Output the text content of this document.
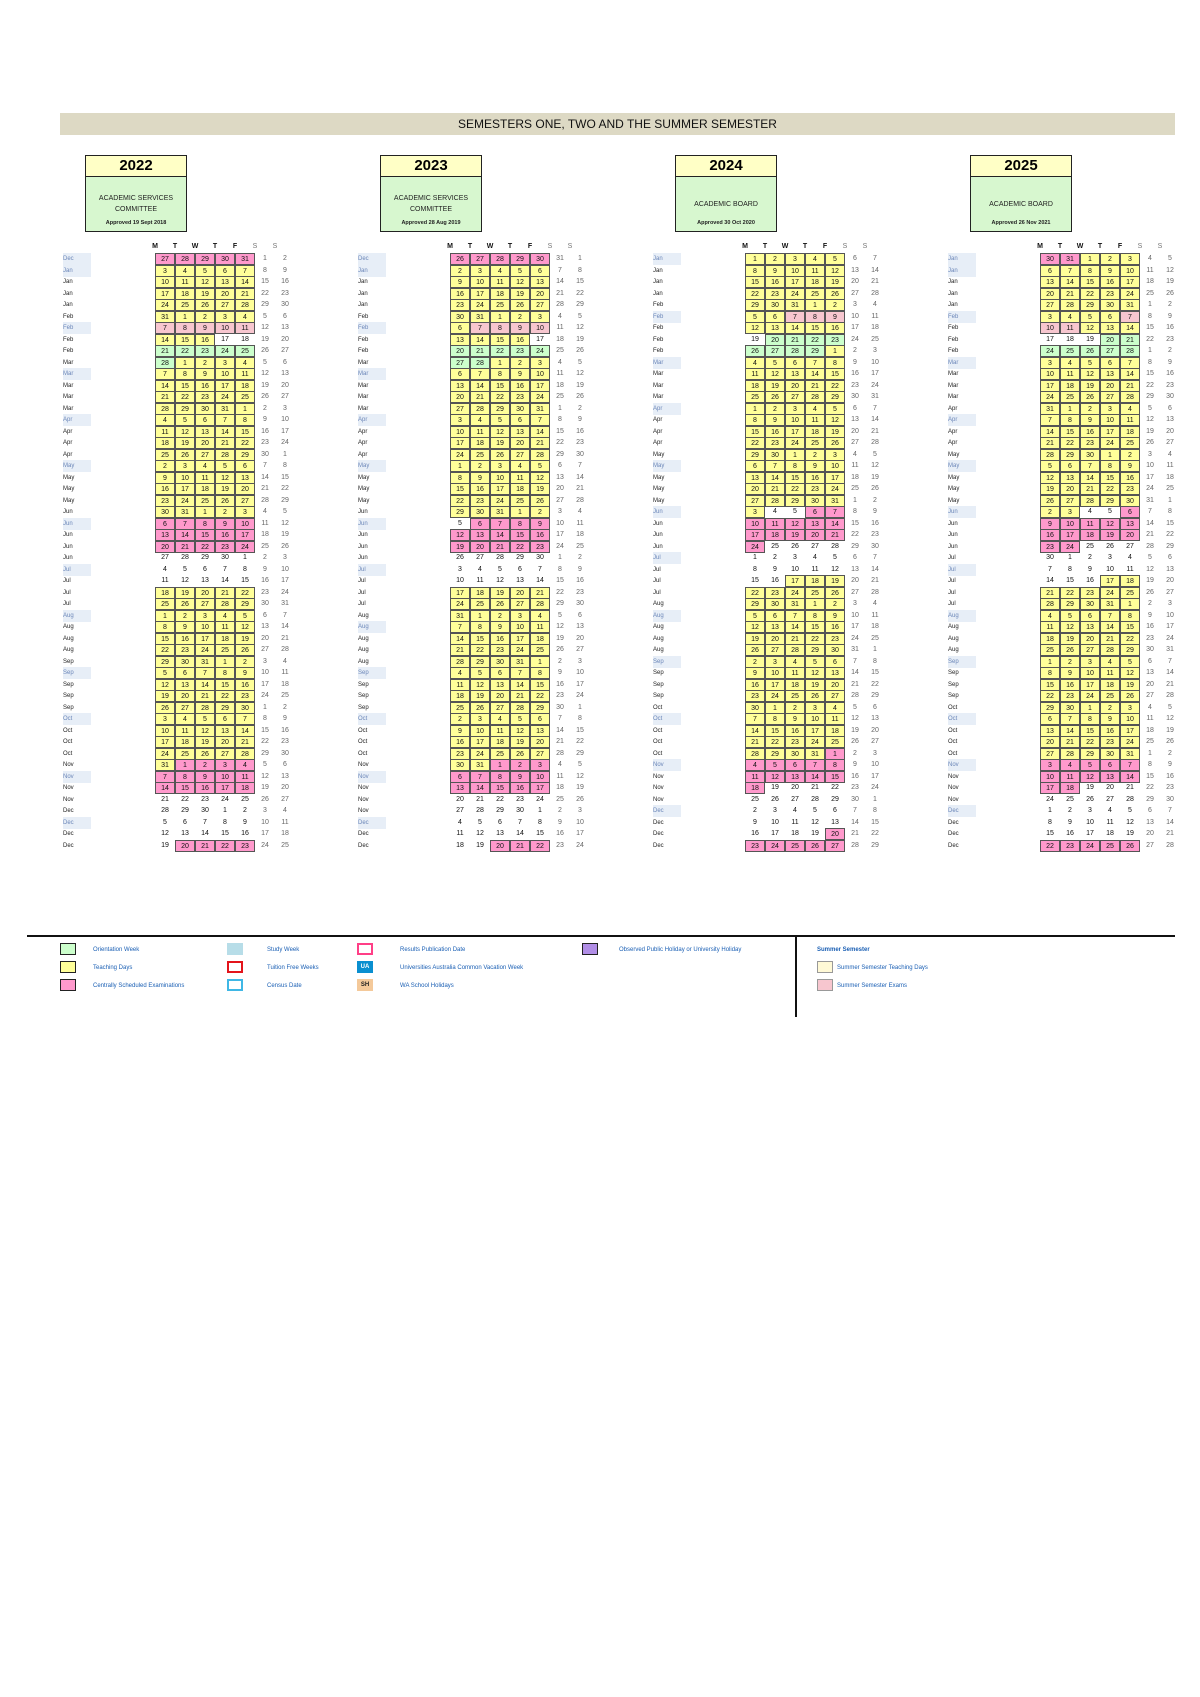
SEMESTERS ONE, TWO AND THE SUMMER SEMESTER
2022
ACADEMIC SERVICES
COMMITTEE
Approved 19 Sept 2018
M	T	W	T	F	S	S
Dec	27	28	29	30	31	1	2
Jan	3	4	5	6	7	8	9
Jan	10	11	12	13	14	15	16
Jan	17	18	19	20	21	22	23
Jan	24	25	26	27	28	29	30
Feb	31	1	2	3	4	5	6
Feb	7	8	9	10	11	12	13
Feb	14	15	16	17	18	19	20
Feb	21	22	23	24	25	26	27
Mar	28	1	2	3	4	5	6
Mar	7	8	9	10	11	12	13
Mar	14	15	16	17	18	19	20
Mar	21	22	23	24	25	26	27
Mar	28	29	30	31	1	2	3
Apr	4	5	6	7	8	9	10
Apr	11	12	13	14	15	16	17
Apr	18	19	20	21	22	23	24
Apr	25	26	27	28	29	30	1
May	2	3	4	5	6	7	8
May	9	10	11	12	13	14	15
May	16	17	18	19	20	21	22
May	23	24	25	26	27	28	29
Jun	30	31	1	2	3	4	5
Jun	6	7	8	9	10	11	12
Jun	13	14	15	16	17	18	19
Jun	20	21	22	23	24	25	26
Jun	27	28	29	30	1	2	3
Jul	4	5	6	7	8	9	10
Jul	11	12	13	14	15	16	17
Jul	18	19	20	21	22	23	24
Jul	25	26	27	28	29	30	31
Aug	1	2	3	4	5	6	7
Aug	8	9	10	11	12	13	14
Aug	15	16	17	18	19	20	21
Aug	22	23	24	25	26	27	28
Sep	29	30	31	1	2	3	4
Sep	5	6	7	8	9	10	11
Sep	12	13	14	15	16	17	18
Sep	19	20	21	22	23	24	25
Sep	26	27	28	29	30	1	2
Oct	3	4	5	6	7	8	9
Oct	10	11	12	13	14	15	16
Oct	17	18	19	20	21	22	23
Oct	24	25	26	27	28	29	30
Nov	31	1	2	3	4	5	6
Nov	7	8	9	10	11	12	13
Nov	14	15	16	17	18	19	20
Nov	21	22	23	24	25	26	27
Dec	28	29	30	1	2	3	4
Dec	5	6	7	8	9	10	11
Dec	12	13	14	15	16	17	18
Dec	19	20	21	22	23	24	25
2023
ACADEMIC SERVICES
COMMITTEE
Approved 28 Aug 2019
M	T	W	T	F	S	S
Dec	26	27	28	29	30	31	1
Jan	2	3	4	5	6	7	8
Jan	9	10	11	12	13	14	15
Jan	16	17	18	19	20	21	22
Jan	23	24	25	26	27	28	29
Feb	30	31	1	2	3	4	5
Feb	6	7	8	9	10	11	12
Feb	13	14	15	16	17	18	19
Feb	20	21	22	23	24	25	26
Mar	27	28	1	2	3	4	5
Mar	6	7	8	9	10	11	12
Mar	13	14	15	16	17	18	19
Mar	20	21	22	23	24	25	26
Mar	27	28	29	30	31	1	2
Apr	3	4	5	6	7	8	9
Apr	10	11	12	13	14	15	16
Apr	17	18	19	20	21	22	23
Apr	24	25	26	27	28	29	30
May	1	2	3	4	5	6	7
May	8	9	10	11	12	13	14
May	15	16	17	18	19	20	21
May	22	23	24	25	26	27	28
Jun	29	30	31	1	2	3	4
Jun	5	6	7	8	9	10	11
Jun	12	13	14	15	16	17	18
Jun	19	20	21	22	23	24	25
Jun	26	27	28	29	30	1	2
Jul	3	4	5	6	7	8	9
Jul	10	11	12	13	14	15	16
Jul	17	18	19	20	21	22	23
Jul	24	25	26	27	28	29	30
Aug	31	1	2	3	4	5	6
Aug	7	8	9	10	11	12	13
Aug	14	15	16	17	18	19	20
Aug	21	22	23	24	25	26	27
Aug	28	29	30	31	1	2	3
Sep	4	5	6	7	8	9	10
Sep	11	12	13	14	15	16	17
Sep	18	19	20	21	22	23	24
Sep	25	26	27	28	29	30	1
Oct	2	3	4	5	6	7	8
Oct	9	10	11	12	13	14	15
Oct	16	17	18	19	20	21	22
Oct	23	24	25	26	27	28	29
Nov	30	31	1	2	3	4	5
Nov	6	7	8	9	10	11	12
Nov	13	14	15	16	17	18	19
Nov	20	21	22	23	24	25	26
Nov	27	28	29	30	1	2	3
Dec	4	5	6	7	8	9	10
Dec	11	12	13	14	15	16	17
Dec	18	19	20	21	22	23	24
2024
ACADEMIC BOARD
Approved 30 Oct 2020
M	T	W	T	F	S	S
Jan	1	2	3	4	5	6	7
Jan	8	9	10	11	12	13	14
Jan	15	16	17	18	19	20	21
Jan	22	23	24	25	26	27	28
Feb	29	30	31	1	2	3	4
Feb	5	6	7	8	9	10	11
Feb	12	13	14	15	16	17	18
Feb	19	20	21	22	23	24	25
Feb	26	27	28	29	1	2	3
Mar	4	5	6	7	8	9	10
Mar	11	12	13	14	15	16	17
Mar	18	19	20	21	22	23	24
Mar	25	26	27	28	29	30	31
Apr	1	2	3	4	5	6	7
Apr	8	9	10	11	12	13	14
Apr	15	16	17	18	19	20	21
Apr	22	23	24	25	26	27	28
May	29	30	1	2	3	4	5
May	6	7	8	9	10	11	12
May	13	14	15	16	17	18	19
May	20	21	22	23	24	25	26
May	27	28	29	30	31	1	2
Jun	3	4	5	6	7	8	9
Jun	10	11	12	13	14	15	16
Jun	17	18	19	20	21	22	23
Jun	24	25	26	27	28	29	30
Jul	1	2	3	4	5	6	7
Jul	8	9	10	11	12	13	14
Jul	15	16	17	18	19	20	21
Jul	22	23	24	25	26	27	28
Aug	29	30	31	1	2	3	4
Aug	5	6	7	8	9	10	11
Aug	12	13	14	15	16	17	18
Aug	19	20	21	22	23	24	25
Aug	26	27	28	29	30	31	1
Sep	2	3	4	5	6	7	8
Sep	9	10	11	12	13	14	15
Sep	16	17	18	19	20	21	22
Sep	23	24	25	26	27	28	29
Oct	30	1	2	3	4	5	6
Oct	7	8	9	10	11	12	13
Oct	14	15	16	17	18	19	20
Oct	21	22	23	24	25	26	27
Oct	28	29	30	31	1	2	3
Nov	4	5	6	7	8	9	10
Nov	11	12	13	14	15	16	17
Nov	18	19	20	21	22	23	24
Nov	25	26	27	28	29	30	1
Dec	2	3	4	5	6	7	8
Dec	9	10	11	12	13	14	15
Dec	16	17	18	19	20	21	22
Dec	23	24	25	26	27	28	29
2025
ACADEMIC BOARD
Approved 26 Nov 2021
M	T	W	T	F	S	S
Jan	30	31	1	2	3	4	5
Jan	6	7	8	9	10	11	12
Jan	13	14	15	16	17	18	19
Jan	20	21	22	23	24	25	26
Jan	27	28	29	30	31	1	2
Feb	3	4	5	6	7	8	9
Feb	10	11	12	13	14	15	16
Feb	17	18	19	20	21	22	23
Feb	24	25	26	27	28	1	2
Mar	3	4	5	6	7	8	9
Mar	10	11	12	13	14	15	16
Mar	17	18	19	20	21	22	23
Mar	24	25	26	27	28	29	30
Apr	31	1	2	3	4	5	6
Apr	7	8	9	10	11	12	13
Apr	14	15	16	17	18	19	20
Apr	21	22	23	24	25	26	27
May	28	29	30	1	2	3	4
May	5	6	7	8	9	10	11
May	12	13	14	15	16	17	18
May	19	20	21	22	23	24	25
May	26	27	28	29	30	31	1
Jun	2	3	4	5	6	7	8
Jun	9	10	11	12	13	14	15
Jun	16	17	18	19	20	21	22
Jun	23	24	25	26	27	28	29
Jul	30	1	2	3	4	5	6
Jul	7	8	9	10	11	12	13
Jul	14	15	16	17	18	19	20
Jul	21	22	23	24	25	26	27
Jul	28	29	30	31	1	2	3
Aug	4	5	6	7	8	9	10
Aug	11	12	13	14	15	16	17
Aug	18	19	20	21	22	23	24
Aug	25	26	27	28	29	30	31
Sep	1	2	3	4	5	6	7
Sep	8	9	10	11	12	13	14
Sep	15	16	17	18	19	20	21
Sep	22	23	24	25	26	27	28
Oct	29	30	1	2	3	4	5
Oct	6	7	8	9	10	11	12
Oct	13	14	15	16	17	18	19
Oct	20	21	22	23	24	25	26
Oct	27	28	29	30	31	1	2
Nov	3	4	5	6	7	8	9
Nov	10	11	12	13	14	15	16
Nov	17	18	19	20	21	22	23
Nov	24	25	26	27	28	29	30
Dec	1	2	3	4	5	6	7
Dec	8	9	10	11	12	13	14
Dec	15	16	17	18	19	20	21
Dec	22	23	24	25	26	27	28
Orientation Week
Teaching Days
Centrally Scheduled Examinations
Study Week
Tuition Free Weeks
Census Date
Results Publication Date
UA	Universities Australia Common Vacation Week
SH	WA School Holidays
Observed Public Holiday or University Holiday	Summer Semester
Summer Semester Teaching Days
Summer Semester Exams
